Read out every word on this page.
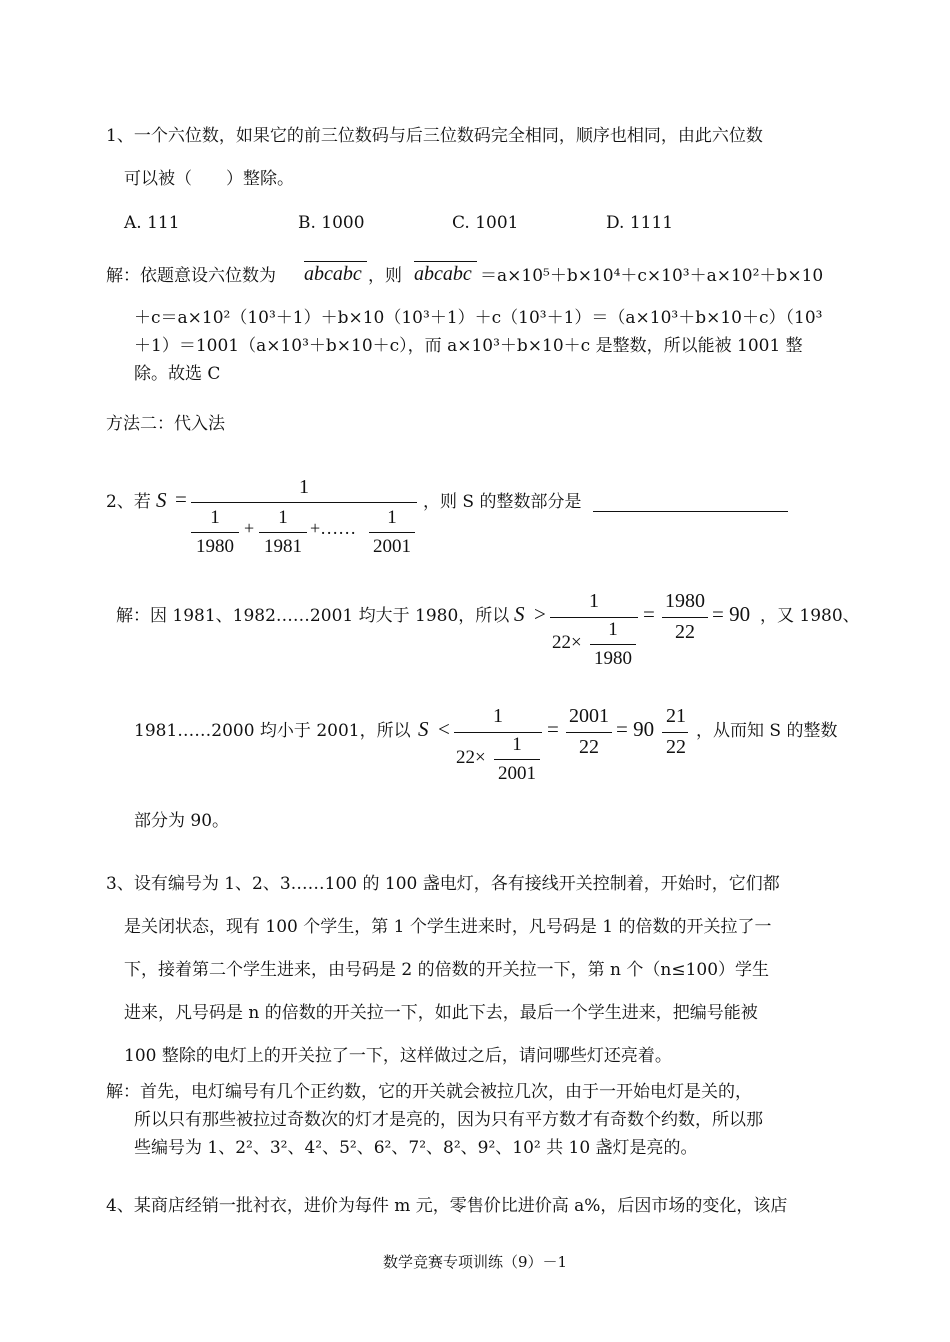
1、一个六位数，如果它的前三位数码与后三位数码完全相同，顺序也相同，由此六位数
可以被（　　）整除。
A. 111	B. 1000	C. 1001	D. 1111
解：依题意设六位数为 abcabc ，则 abcabc ＝a×10⁵＋b×10⁴＋c×10³＋a×10²＋b×10
＋c＝a×10²（10³＋1）＋b×10（10³＋1）＋c（10³＋1）＝（a×10³＋b×10＋c）（10³
＋1）＝1001（a×10³＋b×10＋c），而 a×10³＋b×10＋c 是整数，所以能被 1001 整
除。故选 C
方法二：代入法
2、若 S =	1
1
1980
+	1
1981
+……	1
2001
，则 S 的整数部分是
解：因 1981、1982……2001 均大于 1980，所以 S >
1
22×
1
1980
=
1980
22
= 90 ，又 1980、
1981……2000 均小于 2001，所以 S <
1
22×
1
2001
=
2001
22
= 90
21
22
，从而知 S 的整数
部分为 90。
3、设有编号为 1、2、3……100 的 100 盏电灯，各有接线开关控制着，开始时，它们都
是关闭状态，现有 100 个学生，第 1 个学生进来时，凡号码是 1 的倍数的开关拉了一
下，接着第二个学生进来，由号码是 2 的倍数的开关拉一下，第 n 个（n≤100）学生
进来，凡号码是 n 的倍数的开关拉一下，如此下去，最后一个学生进来，把编号能被
100 整除的电灯上的开关拉了一下，这样做过之后，请问哪些灯还亮着。
解：首先，电灯编号有几个正约数，它的开关就会被拉几次，由于一开始电灯是关的，
所以只有那些被拉过奇数次的灯才是亮的，因为只有平方数才有奇数个约数，所以那
些编号为 1、2²、3²、4²、5²、6²、7²、8²、9²、10² 共 10 盏灯是亮的。
4、某商店经销一批衬衣，进价为每件 m 元，零售价比进价高 a%，后因市场的变化，该店
数学竞赛专项训练（9）－1
